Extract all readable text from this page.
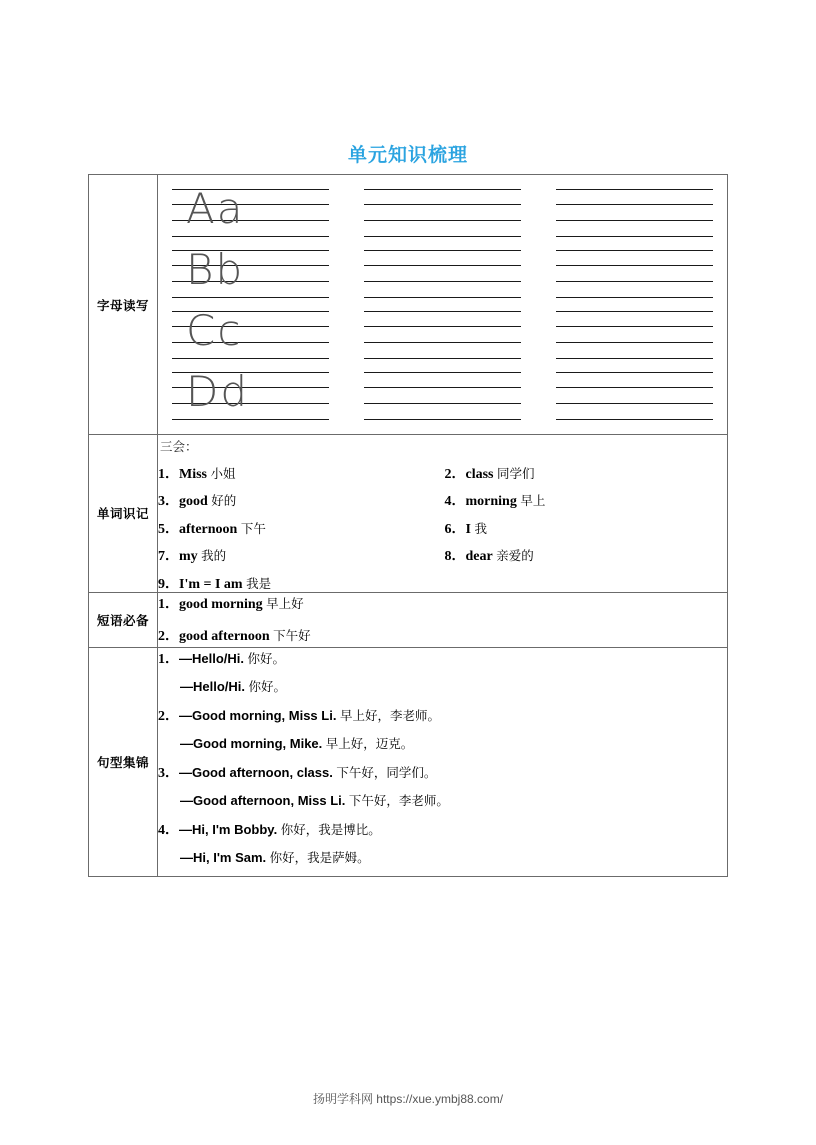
单元知识梳理
字母读写	Aa
Bb
Cc
Dd

单词识记	
三会：
1．Miss 小姐	2．class 同学们
3．good 好的	4．morning 早上
5．afternoon 下午	6．I 我
7．my 我的	8．dear 亲爱的
9．I'm = I am 我是

短语必备	1．good morning 早上好
2．good afternoon 下午好

句型集锦	
1．—Hello/Hi. 你好。
—Hello/Hi. 你好。
2．—Good morning, Miss Li. 早上好，李老师。
—Good morning, Mike. 早上好，迈克。
3．—Good afternoon, class. 下午好，同学们。
—Good afternoon, Miss Li. 下午好，李老师。
4．—Hi, I'm Bobby. 你好，我是博比。
—Hi, I'm Sam. 你好，我是萨姆。
扬明学科网 https://xue.ymbj88.com/
